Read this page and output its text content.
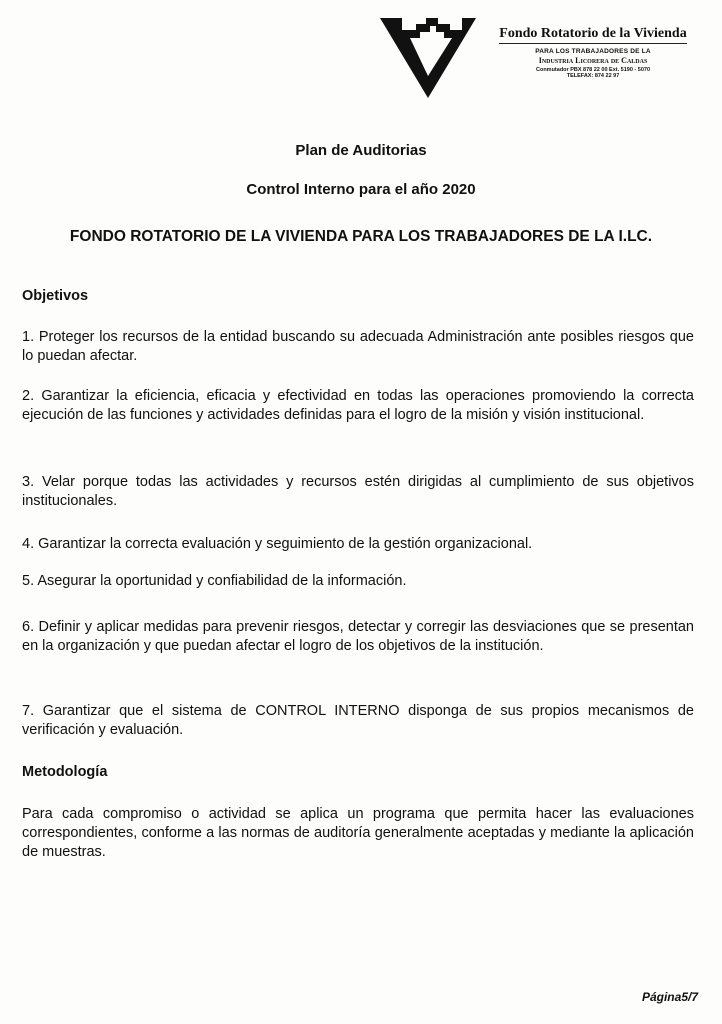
Fondo Rotatorio de la Vivienda
PARA LOS TRABAJADORES DE LA
Industria Licorera de Caldas
Conmutador PBX 878 22 00 Ext. 5190 - 5070
TELEFAX: 874 22 97
Plan de Auditorias
Control Interno para el año 2020
FONDO ROTATORIO DE LA VIVIENDA PARA LOS TRABAJADORES DE LA I.LC.
Objetivos
1. Proteger los recursos de la entidad buscando su adecuada Administración ante posibles riesgos que lo puedan afectar.
2. Garantizar la eficiencia, eficacia y efectividad en todas las operaciones promoviendo la correcta ejecución de las funciones y actividades definidas para el logro de la misión y visión institucional.
3. Velar porque todas las actividades y recursos estén dirigidas al cumplimiento de sus objetivos institucionales.
4. Garantizar la correcta evaluación y seguimiento de la gestión organizacional.
5. Asegurar la oportunidad y confiabilidad de la información.
6. Definir y aplicar medidas para prevenir riesgos, detectar y corregir las desviaciones que se presentan en la organización y que puedan afectar el logro de los objetivos de la institución.
7. Garantizar que el sistema de CONTROL INTERNO disponga de sus propios mecanismos de verificación y evaluación.
Metodología
Para cada compromiso o actividad se aplica un programa que permita hacer las evaluaciones correspondientes, conforme a las normas de auditoría generalmente aceptadas y mediante la aplicación de muestras.
Página5/7
